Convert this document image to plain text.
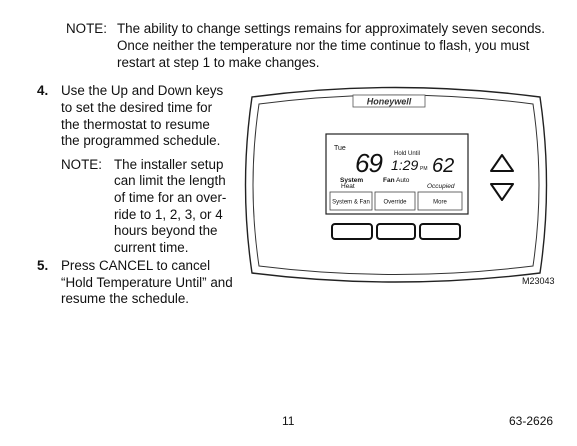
NOTE: The ability to change settings remains for approximately seven seconds.
Once neither the temperature nor the time continue to flash, you must
restart at step 1 to make changes.
4. Use the Up and Down keys
to set the desired time for
the thermostat to resume
the programmed schedule.
NOTE: The installer setup
can limit the length
of time for an over-
ride to 1, 2, 3, or 4
hours beyond the
current time.
5. Press CANCEL to cancel
“Hold Temperature Until” and
resume the schedule.
Honeywell
Tue 69 Hold Until
1:29 PM 62
System
Heat
Fan Auto
Occupied
System & Fan Override	More
M23043
11	63-2626
